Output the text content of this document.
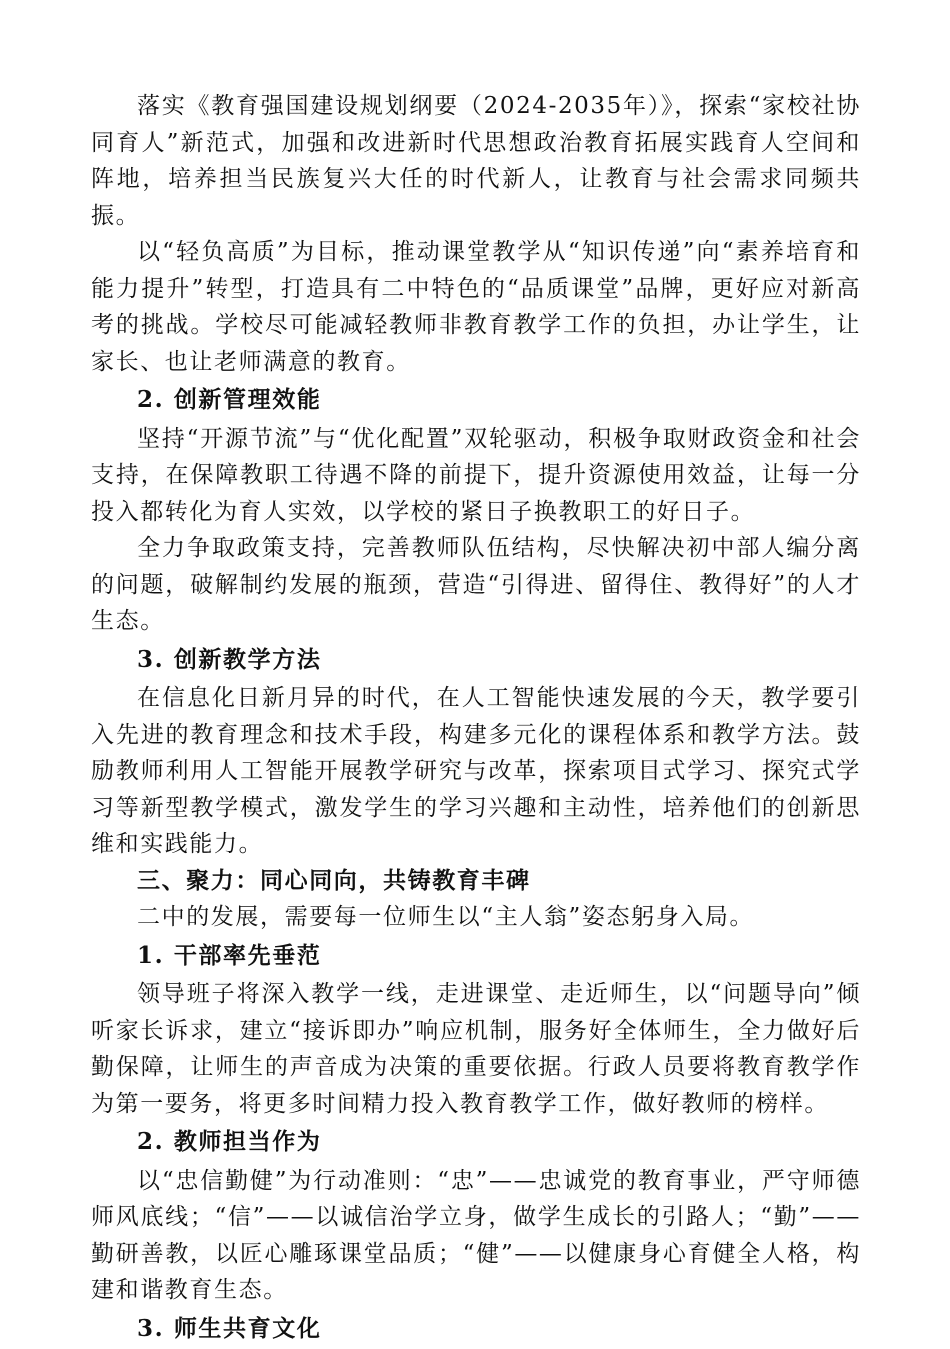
落实《教育强国建设规划纲要（2024-2035年）》，探索“家校社协同育人”新范式，加强和改进新时代思想政治教育拓展实践育人空间和阵地，培养担当民族复兴大任的时代新人，让教育与社会需求同频共振。

以“轻负高质”为目标，推动课堂教学从“知识传递”向“素养培育和能力提升”转型，打造具有二中特色的“品质课堂”品牌，更好应对新高考的挑战。学校尽可能减轻教师非教育教学工作的负担，办让学生，让家长、也让老师满意的教育。

2. 创新管理效能

坚持“开源节流”与“优化配置”双轮驱动，积极争取财政资金和社会支持，在保障教职工待遇不降的前提下，提升资源使用效益，让每一分投入都转化为育人实效，以学校的紧日子换教职工的好日子。

全力争取政策支持，完善教师队伍结构，尽快解决初中部人编分离的问题，破解制约发展的瓶颈，营造“引得进、留得住、教得好”的人才生态。

3. 创新教学方法

在信息化日新月异的时代，在人工智能快速发展的今天，教学要引入先进的教育理念和技术手段，构建多元化的课程体系和教学方法。鼓励教师利用人工智能开展教学研究与改革，探索项目式学习、探究式学习等新型教学模式，激发学生的学习兴趣和主动性，培养他们的创新思维和实践能力。

三、聚力：同心同向，共铸教育丰碑

二中的发展，需要每一位师生以“主人翁”姿态躬身入局。

1. 干部率先垂范

领导班子将深入教学一线，走进课堂、走近师生，以“问题导向”倾听家长诉求，建立“接诉即办”响应机制，服务好全体师生，全力做好后勤保障，让师生的声音成为决策的重要依据。行政人员要将教育教学作为第一要务，将更多时间精力投入教育教学工作，做好教师的榜样。

2. 教师担当作为

以“忠信勤健”为行动准则：“忠”——忠诚党的教育事业，严守师德师风底线；“信”——以诚信治学立身，做学生成长的引路人；“勤”——勤研善教，以匠心雕琢课堂品质；“健”——以健康身心育健全人格，构建和谐教育生态。

3. 师生共育文化
